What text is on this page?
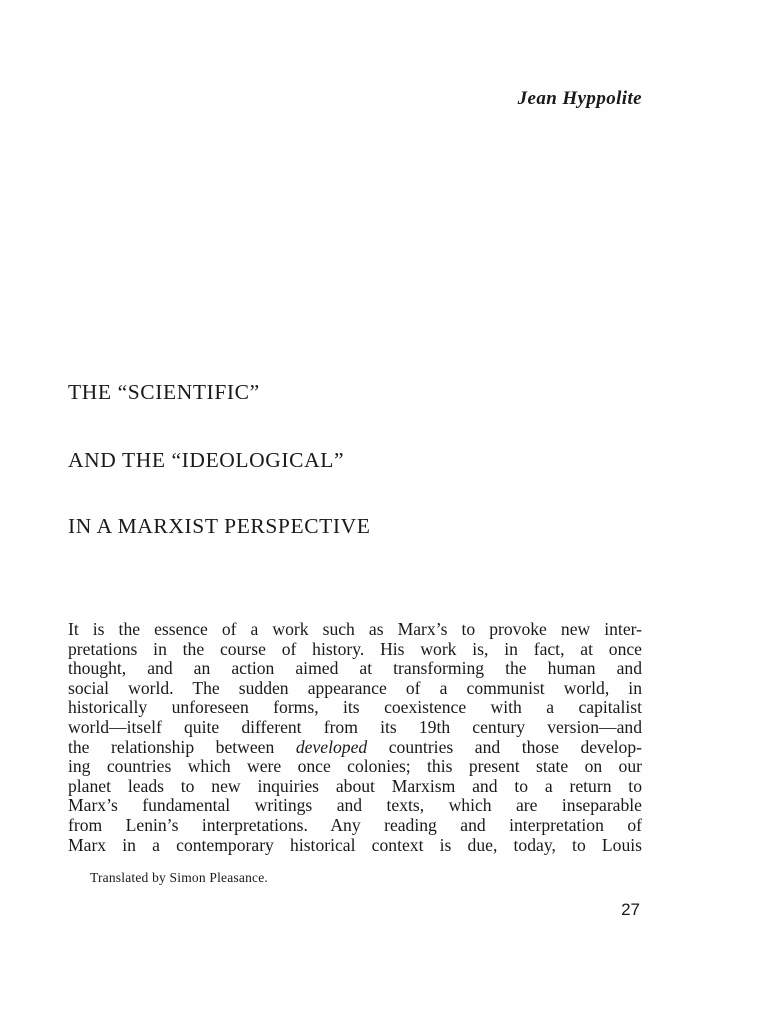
Jean Hyppolite
THE “SCIENTIFIC”
AND THE “IDEOLOGICAL”
IN A MARXIST PERSPECTIVE
It is the essence of a work such as Marx’s to provoke new inter-
pretations in the course of history. His work is, in fact, at once
thought, and an action aimed at transforming the human and
social world. The sudden appearance of a communist world, in
historically unforeseen forms, its coexistence with a capitalist
world—itself quite different from its 19th century version—and
the relationship between developed countries and those develop-
ing countries which were once colonies; this present state on our
planet leads to new inquiries about Marxism and to a return to
Marx’s fundamental writings and texts, which are inseparable
from Lenin’s interpretations. Any reading and interpretation of
Marx in a contemporary historical context is due, today, to Louis
Translated by Simon Pleasance.
27
